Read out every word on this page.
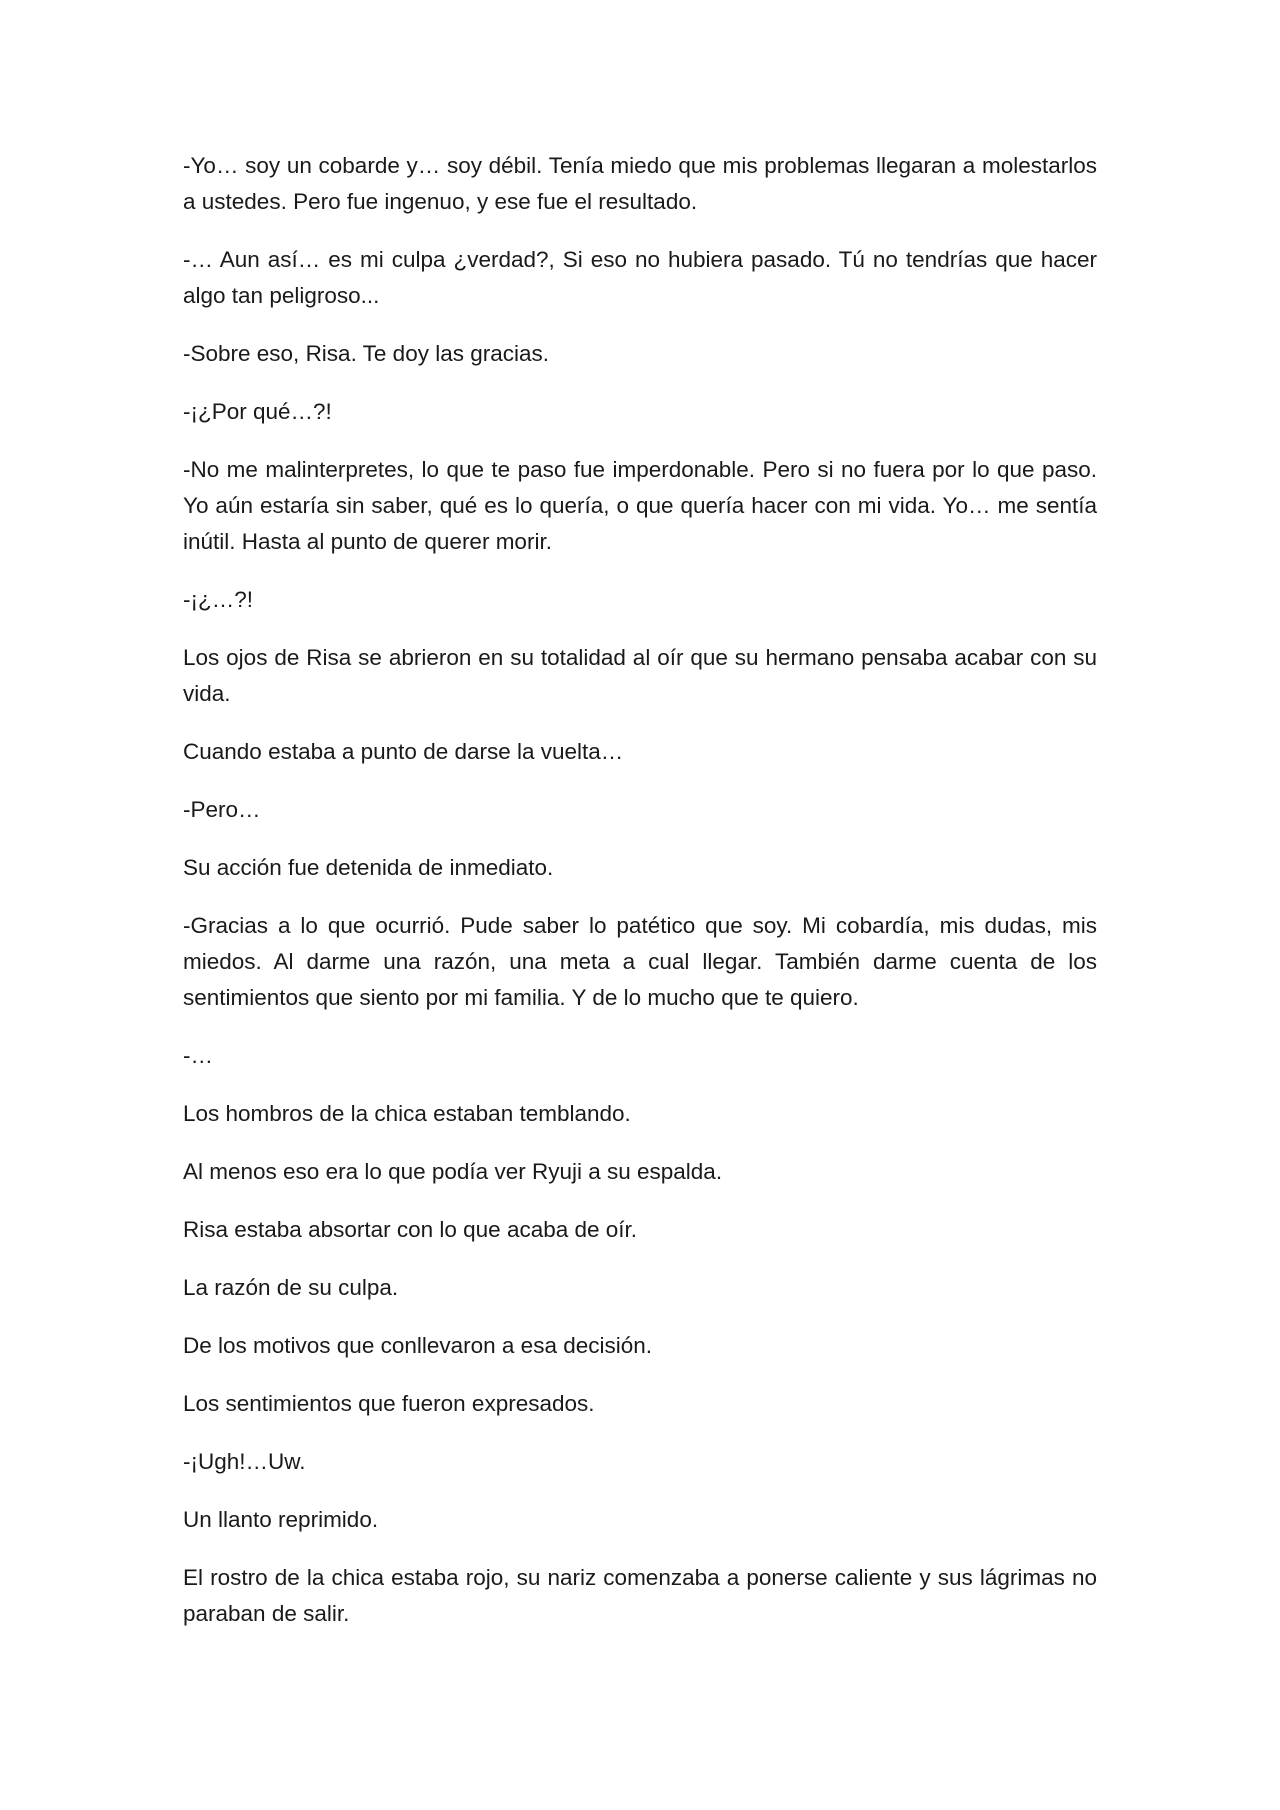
-Yo… soy un cobarde y… soy débil. Tenía miedo que mis problemas llegaran a molestarlos a ustedes. Pero fue ingenuo, y ese fue el resultado.

-… Aun así… es mi culpa ¿verdad?, Si eso no hubiera pasado. Tú no tendrías que hacer algo tan peligroso...

-Sobre eso, Risa. Te doy las gracias.

-¡¿Por qué…?!

-No me malinterpretes, lo que te paso fue imperdonable. Pero si no fuera por lo que paso. Yo aún estaría sin saber, qué es lo quería, o que quería hacer con mi vida. Yo… me sentía inútil. Hasta al punto de querer morir.

-¡¿…?!

Los ojos de Risa se abrieron en su totalidad al oír que su hermano pensaba acabar con su vida.

Cuando estaba a punto de darse la vuelta…

-Pero…

Su acción fue detenida de inmediato.

-Gracias a lo que ocurrió. Pude saber lo patético que soy. Mi cobardía, mis dudas, mis miedos. Al darme una razón, una meta a cual llegar. También darme cuenta de los sentimientos que siento por mi familia. Y de lo mucho que te quiero.

-…

Los hombros de la chica estaban temblando.

Al menos eso era lo que podía ver Ryuji a su espalda.

Risa estaba absortar con lo que acaba de oír.

La razón de su culpa.

De los motivos que conllevaron a esa decisión.

Los sentimientos que fueron expresados.

-¡Ugh!…Uw.

Un llanto reprimido.

El rostro de la chica estaba rojo, su nariz comenzaba a ponerse caliente y sus lágrimas no paraban de salir.
